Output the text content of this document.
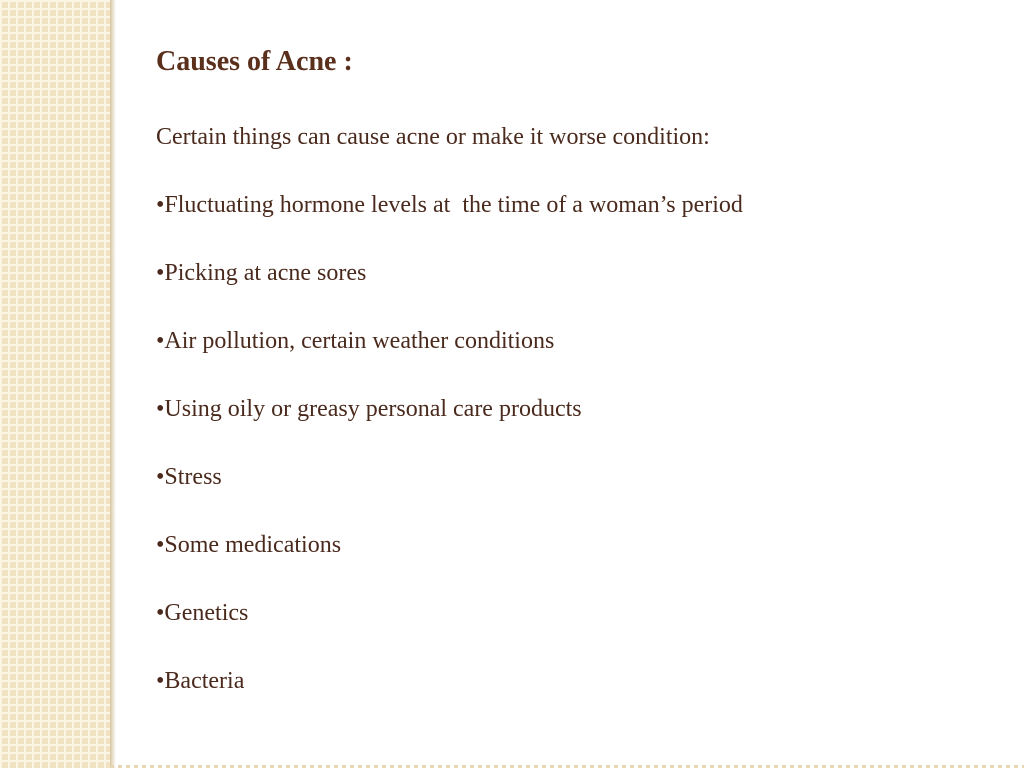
Causes of Acne :

Certain things can cause acne or make it worse condition:

•Fluctuating hormone levels at  the time of a woman’s period
•Picking at acne sores
•Air pollution, certain weather conditions
•Using oily or greasy personal care products
•Stress
•Some medications
•Genetics
•Bacteria
